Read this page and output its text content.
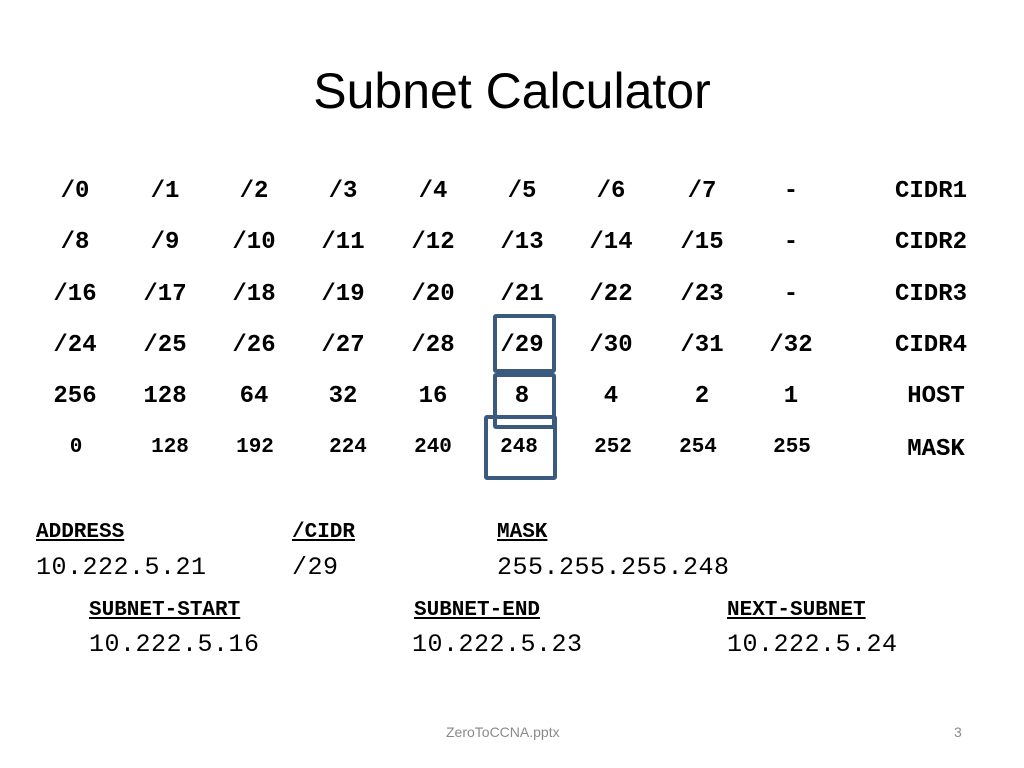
Subnet Calculator
/0	/1	/2	/3	/4	/5	/6	/7	-	CIDR1
/8	/9	/10	/11	/12	/13	/14	/15	-	CIDR2
/16	/17	/18	/19	/20	/21	/22	/23	-	CIDR3
/24	/25	/26	/27	/28	/29	/30	/31	/32	CIDR4
256	128	64	32	16	8	4	2	1	HOST
0	128	192	224	240	248	252	254	255	MASK
ADDRESS
10.222.5.21
/CIDR
/29
MASK
255.255.255.248
SUBNET-START
10.222.5.16
SUBNET-END
10.222.5.23
NEXT-SUBNET
10.222.5.24
ZeroToCCNA.pptx	3
